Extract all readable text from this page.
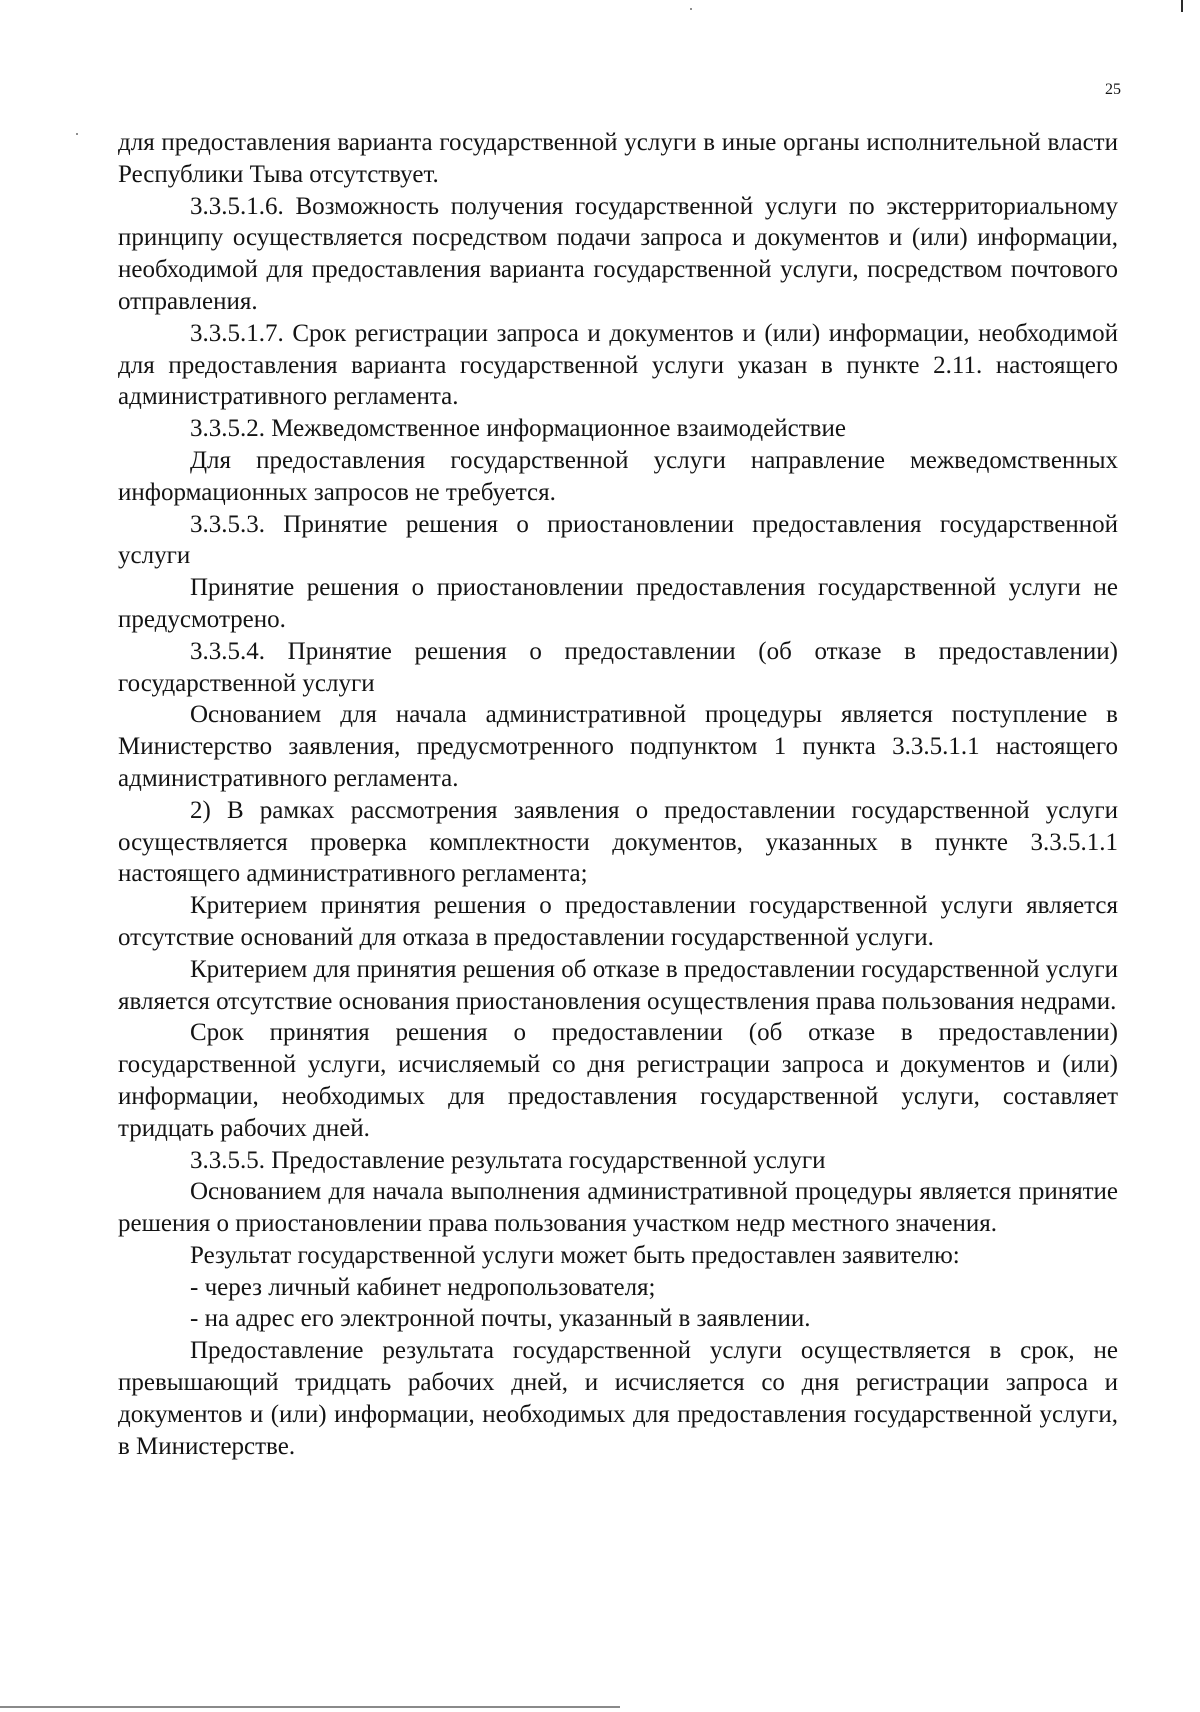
25

для предоставления варианта государственной услуги в иные органы исполнительной власти Республики Тыва отсутствует.

3.3.5.1.6. Возможность получения государственной услуги по экстерриториальному принципу осуществляется посредством подачи запроса и документов и (или) информации, необходимой для предоставления варианта государственной услуги, посредством почтового отправления.

3.3.5.1.7. Срок регистрации запроса и документов и (или) информации, необходимой для предоставления варианта государственной услуги указан в пункте 2.11. настоящего административного регламента.

3.3.5.2. Межведомственное информационное взаимодействие

Для предоставления государственной услуги направление межведомственных информационных запросов не требуется.

3.3.5.3. Принятие решения о приостановлении предоставления государственной услуги

Принятие решения о приостановлении предоставления государственной услуги не предусмотрено.

3.3.5.4. Принятие решения о предоставлении (об отказе в предоставлении) государственной услуги

Основанием для начала административной процедуры является поступление в Министерство заявления, предусмотренного подпунктом 1 пункта 3.3.5.1.1 настоящего административного регламента.

2) В рамках рассмотрения заявления о предоставлении государственной услуги осуществляется проверка комплектности документов, указанных в пункте 3.3.5.1.1 настоящего административного регламента;

Критерием принятия решения о предоставлении государственной услуги является отсутствие оснований для отказа в предоставлении государственной услуги.

Критерием для принятия решения об отказе в предоставлении государственной услуги является отсутствие основания приостановления осуществления права пользования недрами.

Срок принятия решения о предоставлении (об отказе в предоставлении) государственной услуги, исчисляемый со дня регистрации запроса и документов и (или) информации, необходимых для предоставления государственной услуги, составляет тридцать рабочих дней.

3.3.5.5. Предоставление результата государственной услуги

Основанием для начала выполнения административной процедуры является принятие решения о приостановлении права пользования участком недр местного значения.

Результат государственной услуги может быть предоставлен заявителю:

- через личный кабинет недропользователя;

- на адрес его электронной почты, указанный в заявлении.

Предоставление результата государственной услуги осуществляется в срок, не превышающий тридцать рабочих дней, и исчисляется со дня регистрации запроса и документов и (или) информации, необходимых для предоставления государственной услуги, в Министерстве.
